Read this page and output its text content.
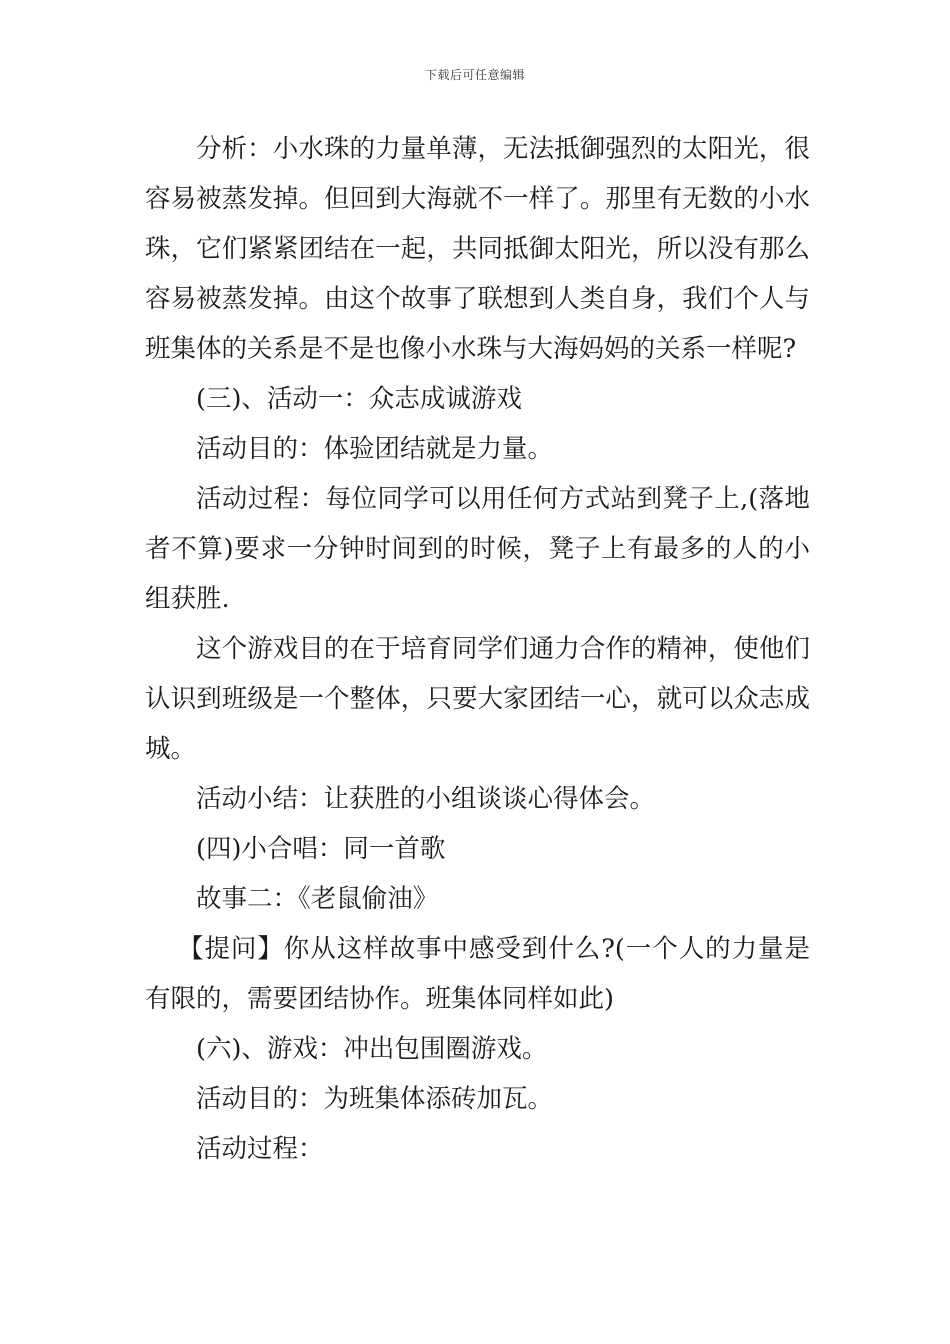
下载后可任意编辑

分析：小水珠的力量单薄，无法抵御强烈的太阳光，很容易被蒸发掉。但回到大海就不一样了。那里有无数的小水珠，它们紧紧团结在一起，共同抵御太阳光，所以没有那么容易被蒸发掉。由这个故事了联想到人类自身，我们个人与班集体的关系是不是也像小水珠与大海妈妈的关系一样呢?

(三)、活动一：众志成诚游戏

活动目的：体验团结就是力量。

活动过程：每位同学可以用任何方式站到凳子上,(落地者不算)要求一分钟时间到的时候，凳子上有最多的人的小组获胜.

这个游戏目的在于培育同学们通力合作的精神，使他们认识到班级是一个整体，只要大家团结一心，就可以众志成城。

活动小结：让获胜的小组谈谈心得体会。

(四)小合唱：同一首歌

故事二：《老鼠偷油》

【提问】你从这样故事中感受到什么?(一个人的力量是有限的，需要团结协作。班集体同样如此)

(六)、游戏：冲出包围圈游戏。

活动目的：为班集体添砖加瓦。

活动过程：
